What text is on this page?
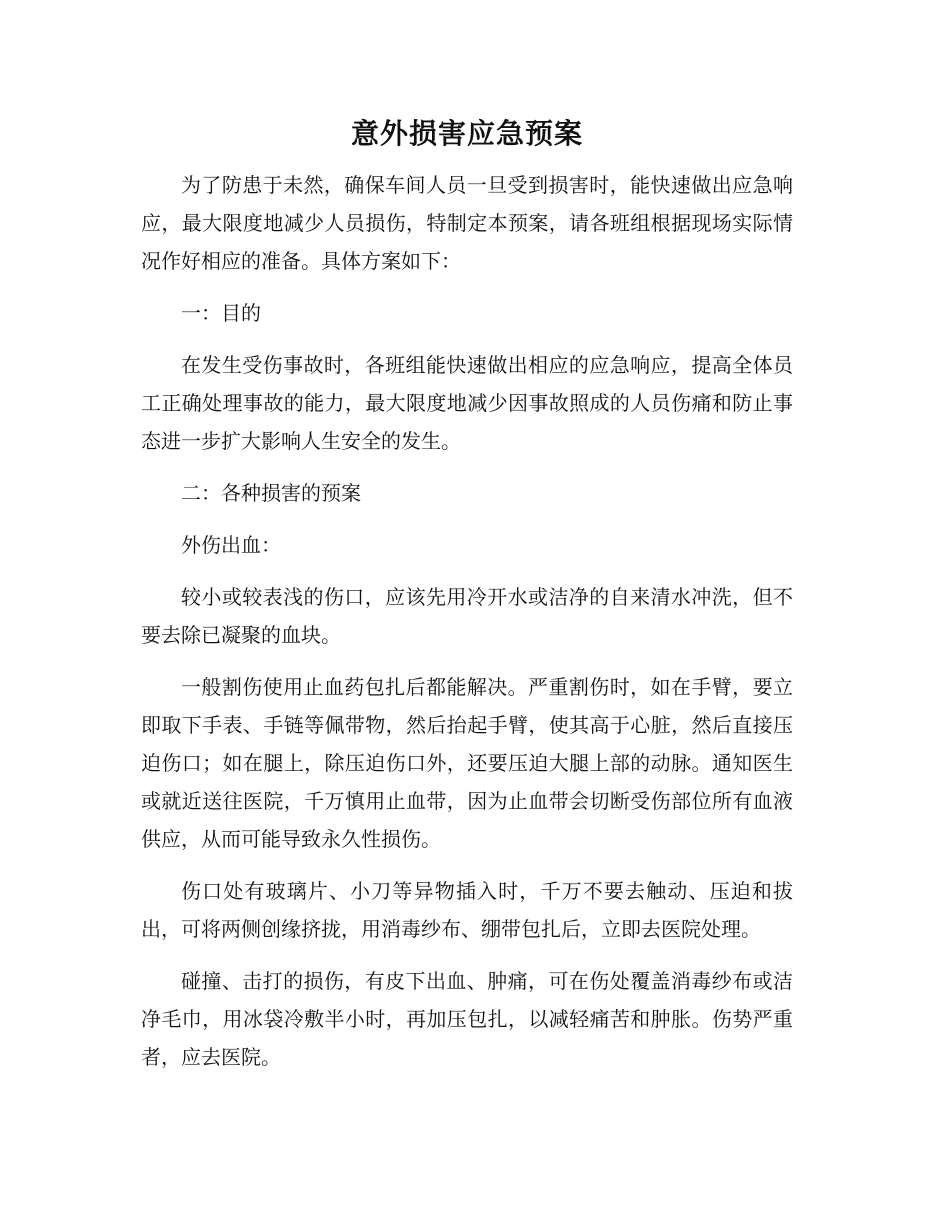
意外损害应急预案

为了防患于未然，确保车间人员一旦受到损害时，能快速做出应急响应，最大限度地减少人员损伤，特制定本预案，请各班组根据现场实际情况作好相应的准备。具体方案如下：

一：目的

在发生受伤事故时，各班组能快速做出相应的应急响应，提高全体员工正确处理事故的能力，最大限度地减少因事故照成的人员伤痛和防止事态进一步扩大影响人生安全的发生。

二：各种损害的预案

外伤出血：

较小或较表浅的伤口，应该先用冷开水或洁净的自来清水冲洗，但不要去除已凝聚的血块。

一般割伤使用止血药包扎后都能解决。严重割伤时，如在手臂，要立即取下手表、手链等佩带物，然后抬起手臂，使其高于心脏，然后直接压迫伤口；如在腿上，除压迫伤口外，还要压迫大腿上部的动脉。通知医生或就近送往医院，千万慎用止血带，因为止血带会切断受伤部位所有血液供应，从而可能导致永久性损伤。

伤口处有玻璃片、小刀等异物插入时，千万不要去触动、压迫和拔出，可将两侧创缘挤拢，用消毒纱布、绷带包扎后，立即去医院处理。

碰撞、击打的损伤，有皮下出血、肿痛，可在伤处覆盖消毒纱布或洁净毛巾，用冰袋冷敷半小时，再加压包扎，以减轻痛苦和肿胀。伤势严重者，应去医院。
